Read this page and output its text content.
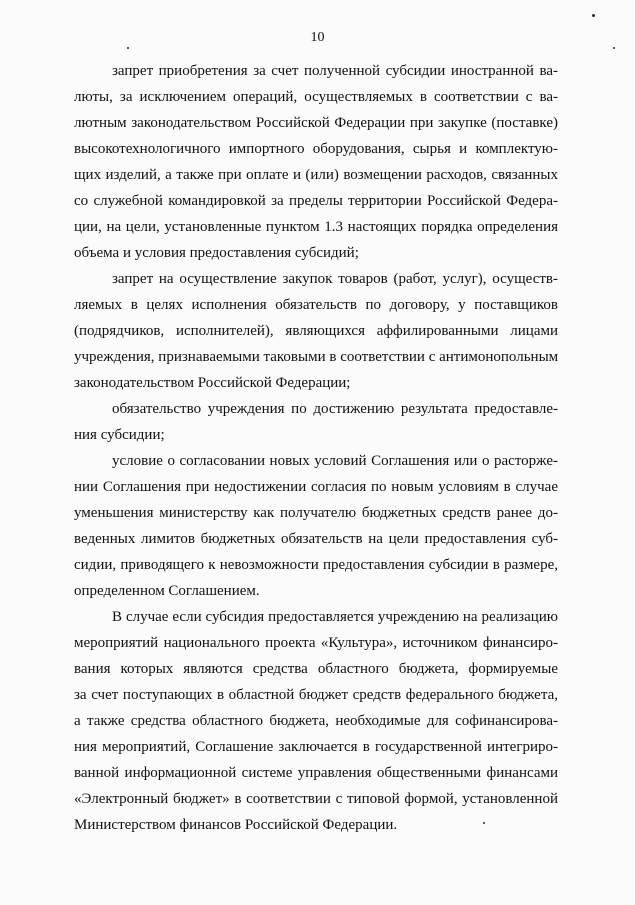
10
запрет приобретения за счет полученной субсидии иностранной ва-
люты, за исключением операций, осуществляемых в соответствии с ва-
лютным законодательством Российской Федерации при закупке (поставке)
высокотехнологичного импортного оборудования, сырья и комплектую-
щих изделий, а также при оплате и (или) возмещении расходов, связанных
со служебной командировкой за пределы территории Российской Федера-
ции, на цели, установленные пунктом 1.3 настоящих порядка определения
объема и условия предоставления субсидий;
запрет на осуществление закупок товаров (работ, услуг), осуществ-
ляемых в целях исполнения обязательств по договору, у поставщиков
(подрядчиков, исполнителей), являющихся аффилированными лицами
учреждения, признаваемыми таковыми в соответствии с антимонопольным
законодательством Российской Федерации;
обязательство учреждения по достижению результата предоставле-
ния субсидии;
условие о согласовании новых условий Соглашения или о расторже-
нии Соглашения при недостижении согласия по новым условиям в случае
уменьшения министерству как получателю бюджетных средств ранее до-
веденных лимитов бюджетных обязательств на цели предоставления суб-
сидии, приводящего к невозможности предоставления субсидии в размере,
определенном Соглашением.
В случае если субсидия предоставляется учреждению на реализацию
мероприятий национального проекта «Культура», источником финансиро-
вания которых являются средства областного бюджета, формируемые
за счет поступающих в областной бюджет средств федерального бюджета,
а также средства областного бюджета, необходимые для софинансирова-
ния мероприятий, Соглашение заключается в государственной интегриро-
ванной информационной системе управления общественными финансами
«Электронный бюджет» в соответствии с типовой формой, установленной
Министерством финансов Российской Федерации.
